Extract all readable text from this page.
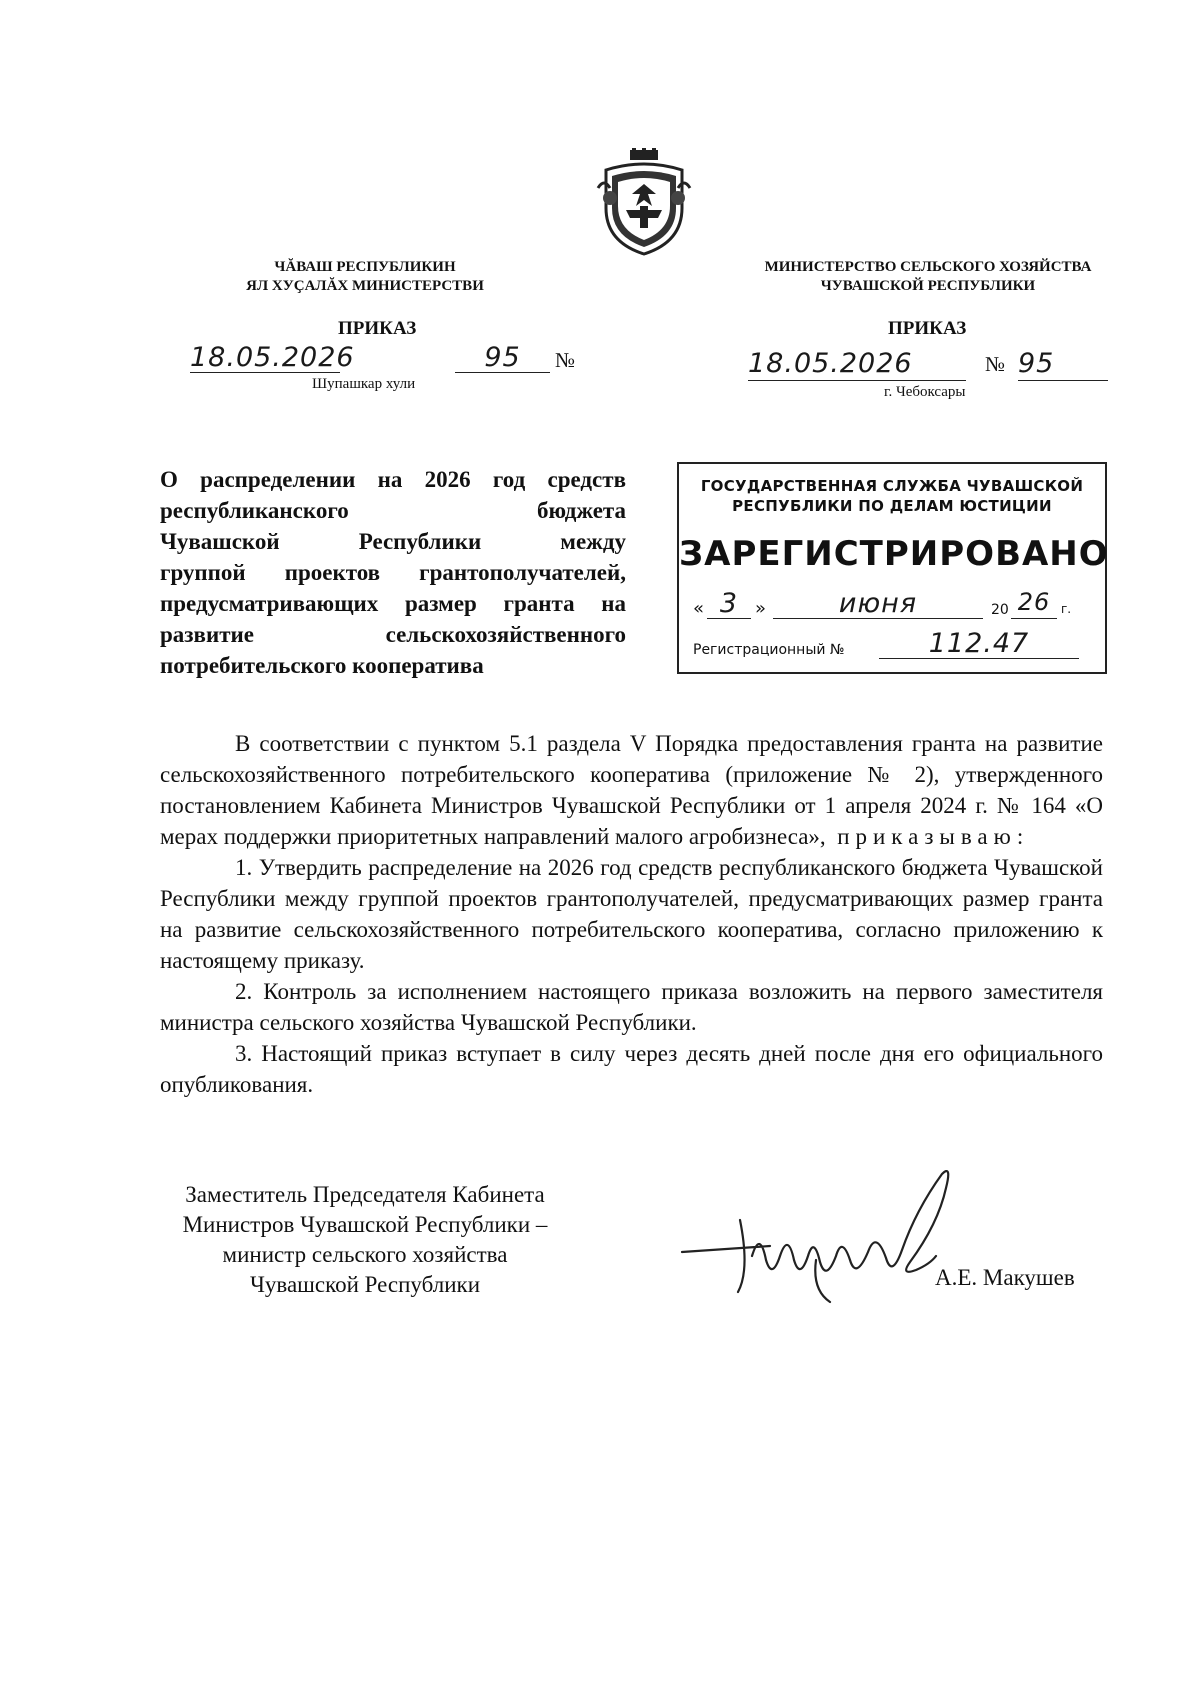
ЧĂВАШ РЕСПУБЛИКИН
ЯЛ ХУҪАЛĂХ МИНИСТЕРСТВИ
МИНИСТЕРСТВО СЕЛЬСКОГО ХОЗЯЙСТВА
ЧУВАШСКОЙ РЕСПУБЛИКИ
ПРИКАЗ
18.05.2026	95	№
Шупашкар хули
ПРИКАЗ
18.05.2026	№ 95
г. Чебоксары
О распределении на 2026 год средств
республиканского бюджета
Чувашской Республики между
группой проектов грантополучателей,
предусматривающих размер гранта на
развитие сельскохозяйственного
потребительского кооператива
ГОСУДАРСТВЕННАЯ СЛУЖБА ЧУВАШСКОЙ
РЕСПУБЛИКИ ПО ДЕЛАМ ЮСТИЦИИ
ЗАРЕГИСТРИРОВАНО
« 3 »	июня	20 26 г.
Регистрационный №	112.47

В соответствии с пунктом 5.1 раздела V Порядка предоставления гранта на развитие сельскохозяйственного потребительского кооператива (приложение № 2), утвержденного постановлением Кабинета Министров Чувашской Республики от 1 апреля 2024 г. № 164 «О мерах поддержки приоритетных направлений малого агробизнеса», приказываю:

1. Утвердить распределение на 2026 год средств республиканского бюджета Чувашской Республики между группой проектов грантополучателей, предусматривающих размер гранта на развитие сельскохозяйственного потребительского кооператива, согласно приложению к настоящему приказу.

2. Контроль за исполнением настоящего приказа возложить на первого заместителя министра сельского хозяйства Чувашской Республики.

3. Настоящий приказ вступает в силу через десять дней после дня его официального опубликования.

Заместитель Председателя Кабинета
Министров Чувашской Республики –
министр сельского хозяйства
Чувашской Республики	А.Е. Макушев
